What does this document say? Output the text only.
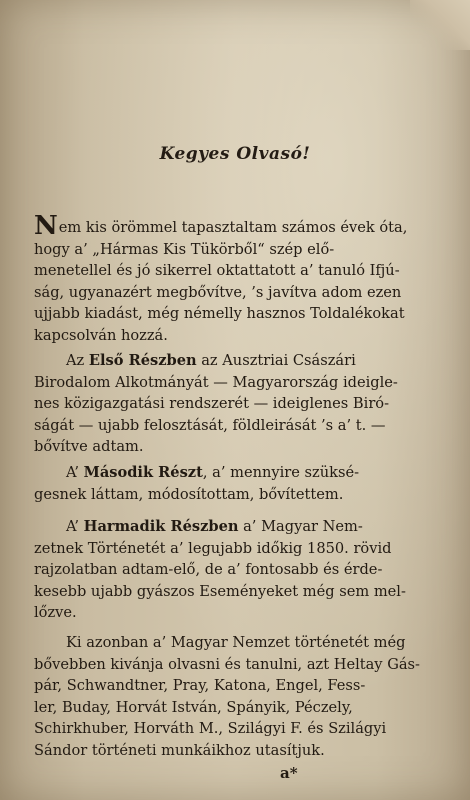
Kegyes Olvasó!
Nem kis örömmel tapasztaltam számos évek óta,
hogy a’ „Hármas Kis Tükörből“ szép elő-
menetellel és jó sikerrel oktattatott a’ tanuló Ifjú-
ság, ugyanazért megbővítve, ’s javítva adom ezen
ujjabb kiadást, még némelly hasznos Toldalékokat
kapcsolván hozzá.
Az Első Részben az Ausztriai Császári
Birodalom Alkotmányát — Magyarország ideigle-
nes közigazgatási rendszerét — ideiglenes Biró-
ságát — ujabb felosztását, földleirását ’s a’ t. —
bővítve adtam.
A’ Második Részt, a’ mennyire szüksé-
gesnek láttam, módosítottam, bővítettem.
A’ Harmadik Részben a’ Magyar Nem-
zetnek Történetét a’ legujabb időkig 1850. rövid
rajzolatban adtam-elő, de a’ fontosabb és érde-
kesebb ujabb gyászos Eseményeket még sem mel-
lőzve.
Ki azonban a’ Magyar Nemzet történetét még
bővebben kivánja olvasni és tanulni, azt Heltay Gás-
pár, Schwandtner, Pray, Katona, Engel, Fess-
ler, Buday, Horvát István, Spányik, Péczely,
Schirkhuber, Horváth M., Szilágyi F. és Szilágyi
Sándor történeti munkáikhoz utasítjuk.
a*
